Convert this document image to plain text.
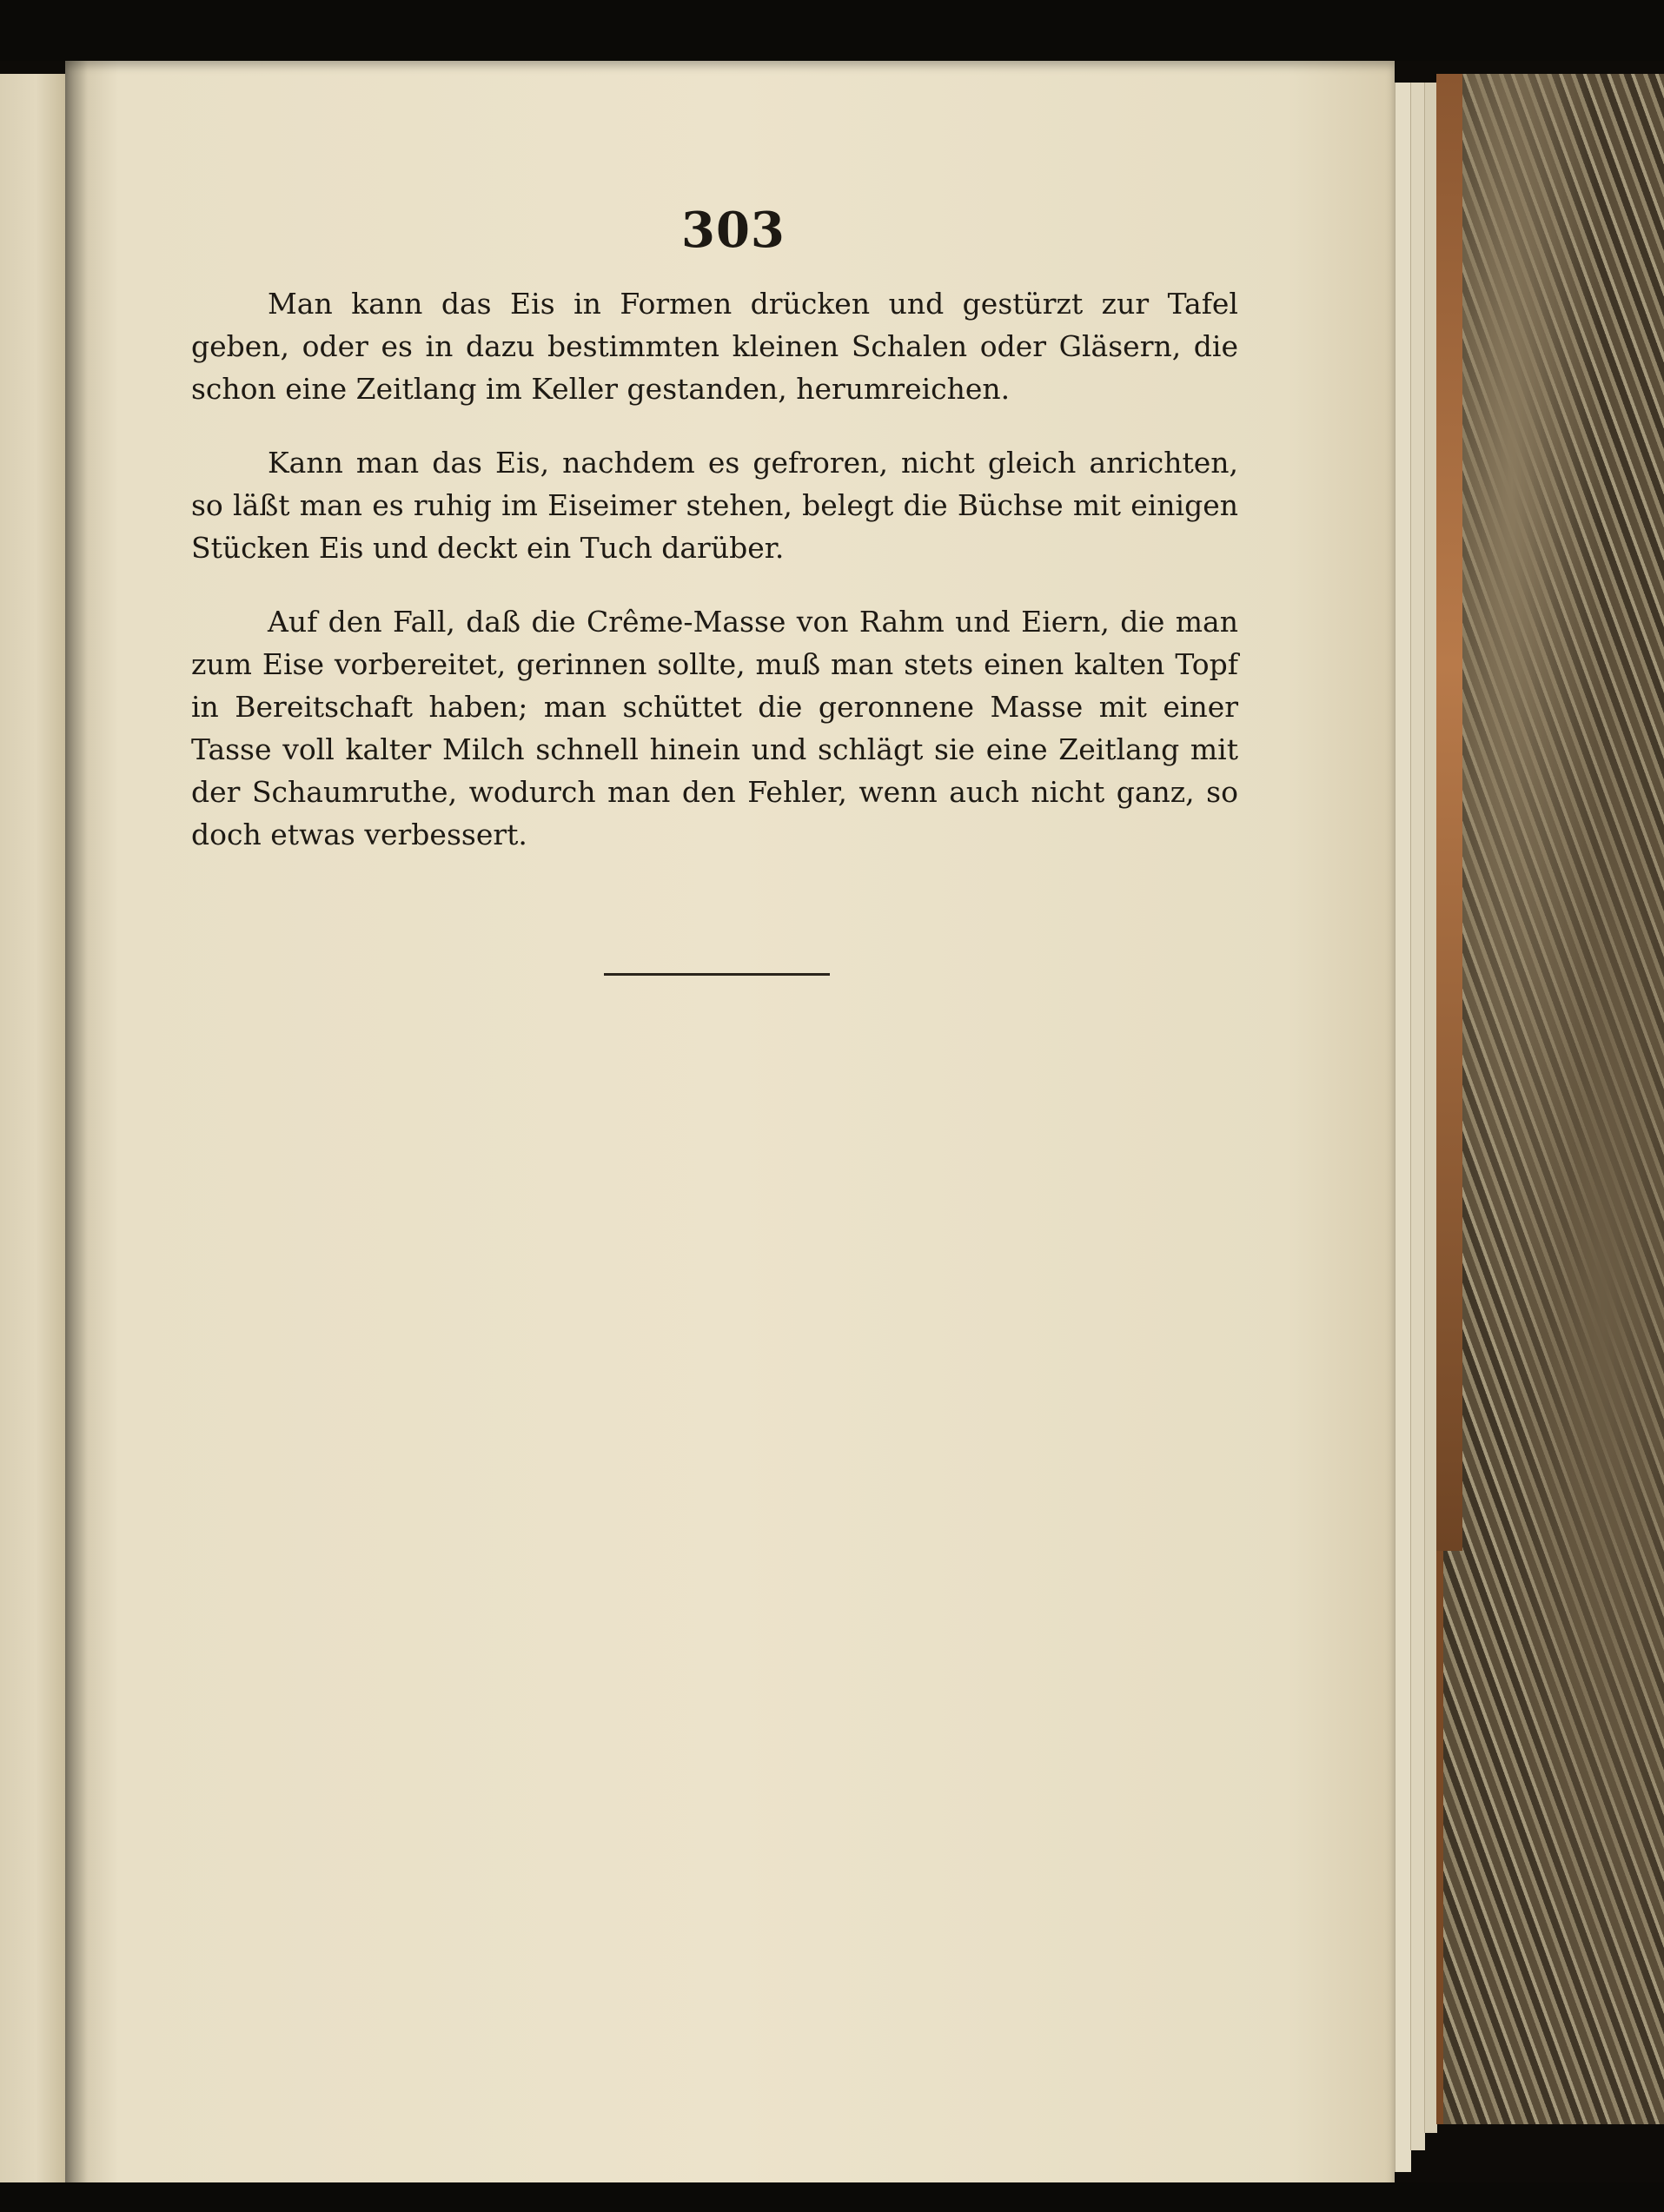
303

Man kann das Eis in Formen drücken und gestürzt zur Tafel geben, oder es in dazu bestimmten kleinen Schalen oder Gläsern, die schon eine Zeitlang im Keller gestanden, herumreichen.

Kann man das Eis, nachdem es gefroren, nicht gleich anrichten, so läßt man es ruhig im Eiseimer stehen, belegt die Büchse mit einigen Stücken Eis und deckt ein Tuch darüber.

Auf den Fall, daß die Crême-Masse von Rahm und Eiern, die man zum Eise vorbereitet, gerinnen sollte, muß man stets einen kalten Topf in Bereitschaft haben; man schüttet die geronnene Masse mit einer Tasse voll kalter Milch schnell hinein und schlägt sie eine Zeitlang mit der Schaumruthe, wodurch man den Fehler, wenn auch nicht ganz, so doch etwas verbessert.
